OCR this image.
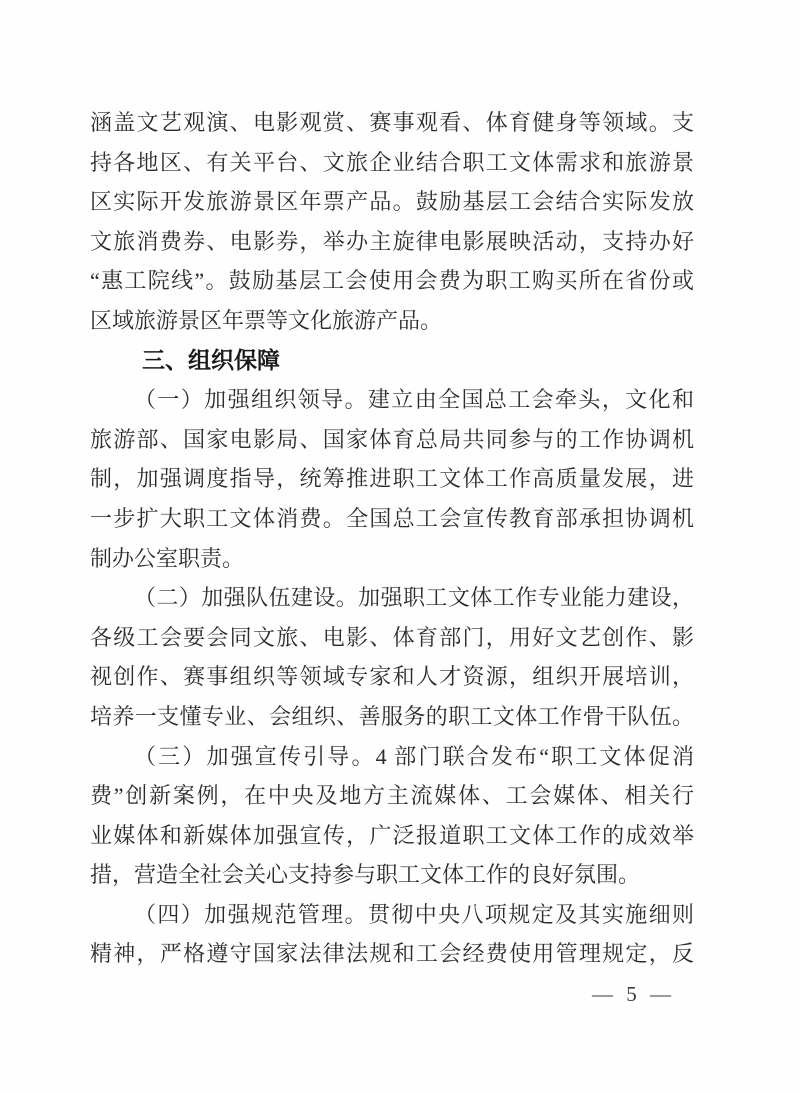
涵盖文艺观演、电影观赏、赛事观看、体育健身等领域。支
持各地区、有关平台、文旅企业结合职工文体需求和旅游景
区实际开发旅游景区年票产品。鼓励基层工会结合实际发放
文旅消费券、电影券，举办主旋律电影展映活动，支持办好
“惠工院线”。鼓励基层工会使用会费为职工购买所在省份或
区域旅游景区年票等文化旅游产品。
三、组织保障
（一）加强组织领导。建立由全国总工会牵头，文化和
旅游部、国家电影局、国家体育总局共同参与的工作协调机
制，加强调度指导，统筹推进职工文体工作高质量发展，进
一步扩大职工文体消费。全国总工会宣传教育部承担协调机
制办公室职责。
（二）加强队伍建设。加强职工文体工作专业能力建设，
各级工会要会同文旅、电影、体育部门，用好文艺创作、影
视创作、赛事组织等领域专家和人才资源，组织开展培训，
培养一支懂专业、会组织、善服务的职工文体工作骨干队伍。
（三）加强宣传引导。4 部门联合发布“职工文体促消
费”创新案例，在中央及地方主流媒体、工会媒体、相关行
业媒体和新媒体加强宣传，广泛报道职工文体工作的成效举
措，营造全社会关心支持参与职工文体工作的良好氛围。
（四）加强规范管理。贯彻中央八项规定及其实施细则
精神，严格遵守国家法律法规和工会经费使用管理规定，反
— 5 —
